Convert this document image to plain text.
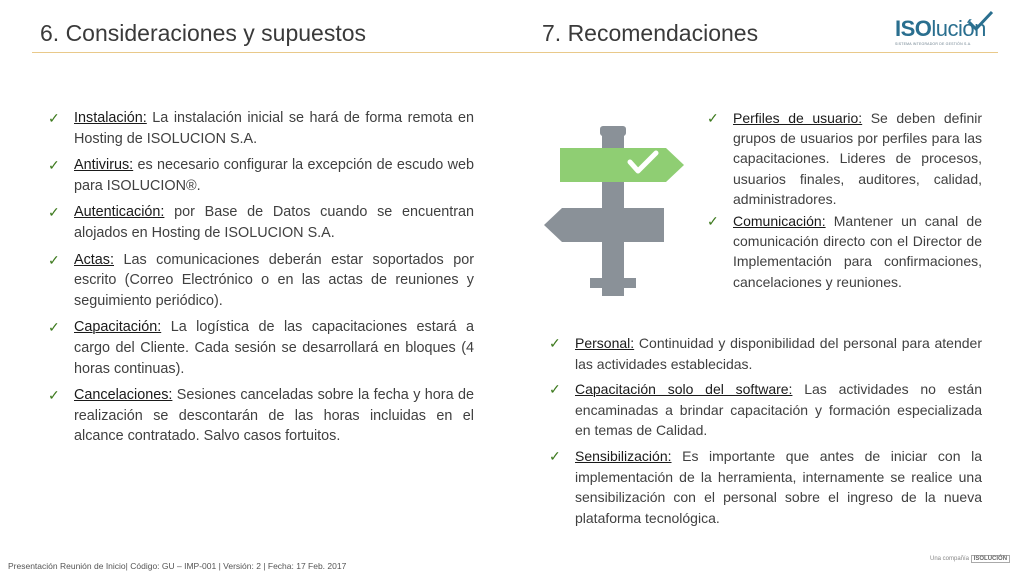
6. Consideraciones y supuestos	7. Recomendaciones	ISOlución
SISTEMA INTEGRADOR DE GESTIÓN S.A.
✓ Instalación: La instalación inicial se hará de forma remota en Hosting de ISOLUCION S.A.
✓ Antivirus: es necesario configurar la excepción de escudo web para ISOLUCION®.
✓ Autenticación: por Base de Datos cuando se encuentran alojados en Hosting de ISOLUCION S.A.
✓ Actas: Las comunicaciones deberán estar soportados por escrito (Correo Electrónico o en las actas de reuniones y seguimiento periódico).
✓ Capacitación: La logística de las capacitaciones estará a cargo del Cliente. Cada sesión se desarrollará en bloques (4 horas continuas).
✓ Cancelaciones: Sesiones canceladas sobre la fecha y hora de realización se descontarán de las horas incluidas en el alcance contratado. Salvo casos fortuitos.
✓ Perfiles de usuario: Se deben definir grupos de usuarios por perfiles para las capacitaciones. Lideres de procesos, usuarios finales, auditores, calidad, administradores.
✓ Comunicación: Mantener un canal de comunicación directo con el Director de Implementación para confirmaciones, cancelaciones y reuniones.
✓ Personal: Continuidad y disponibilidad del personal para atender las actividades establecidas.
✓ Capacitación solo del software: Las actividades no están encaminadas a brindar capacitación y formación especializada en temas de Calidad.
✓ Sensibilización: Es importante que antes de iniciar con la implementación de la herramienta, internamente se realice una sensibilización con el personal sobre el ingreso de la nueva plataforma tecnológica.
Presentación Reunión de Inicio| Código: GU – IMP-001 | Versión: 2 | Fecha: 17 Feb. 2017
Una compañía ISOLUCIÓN
